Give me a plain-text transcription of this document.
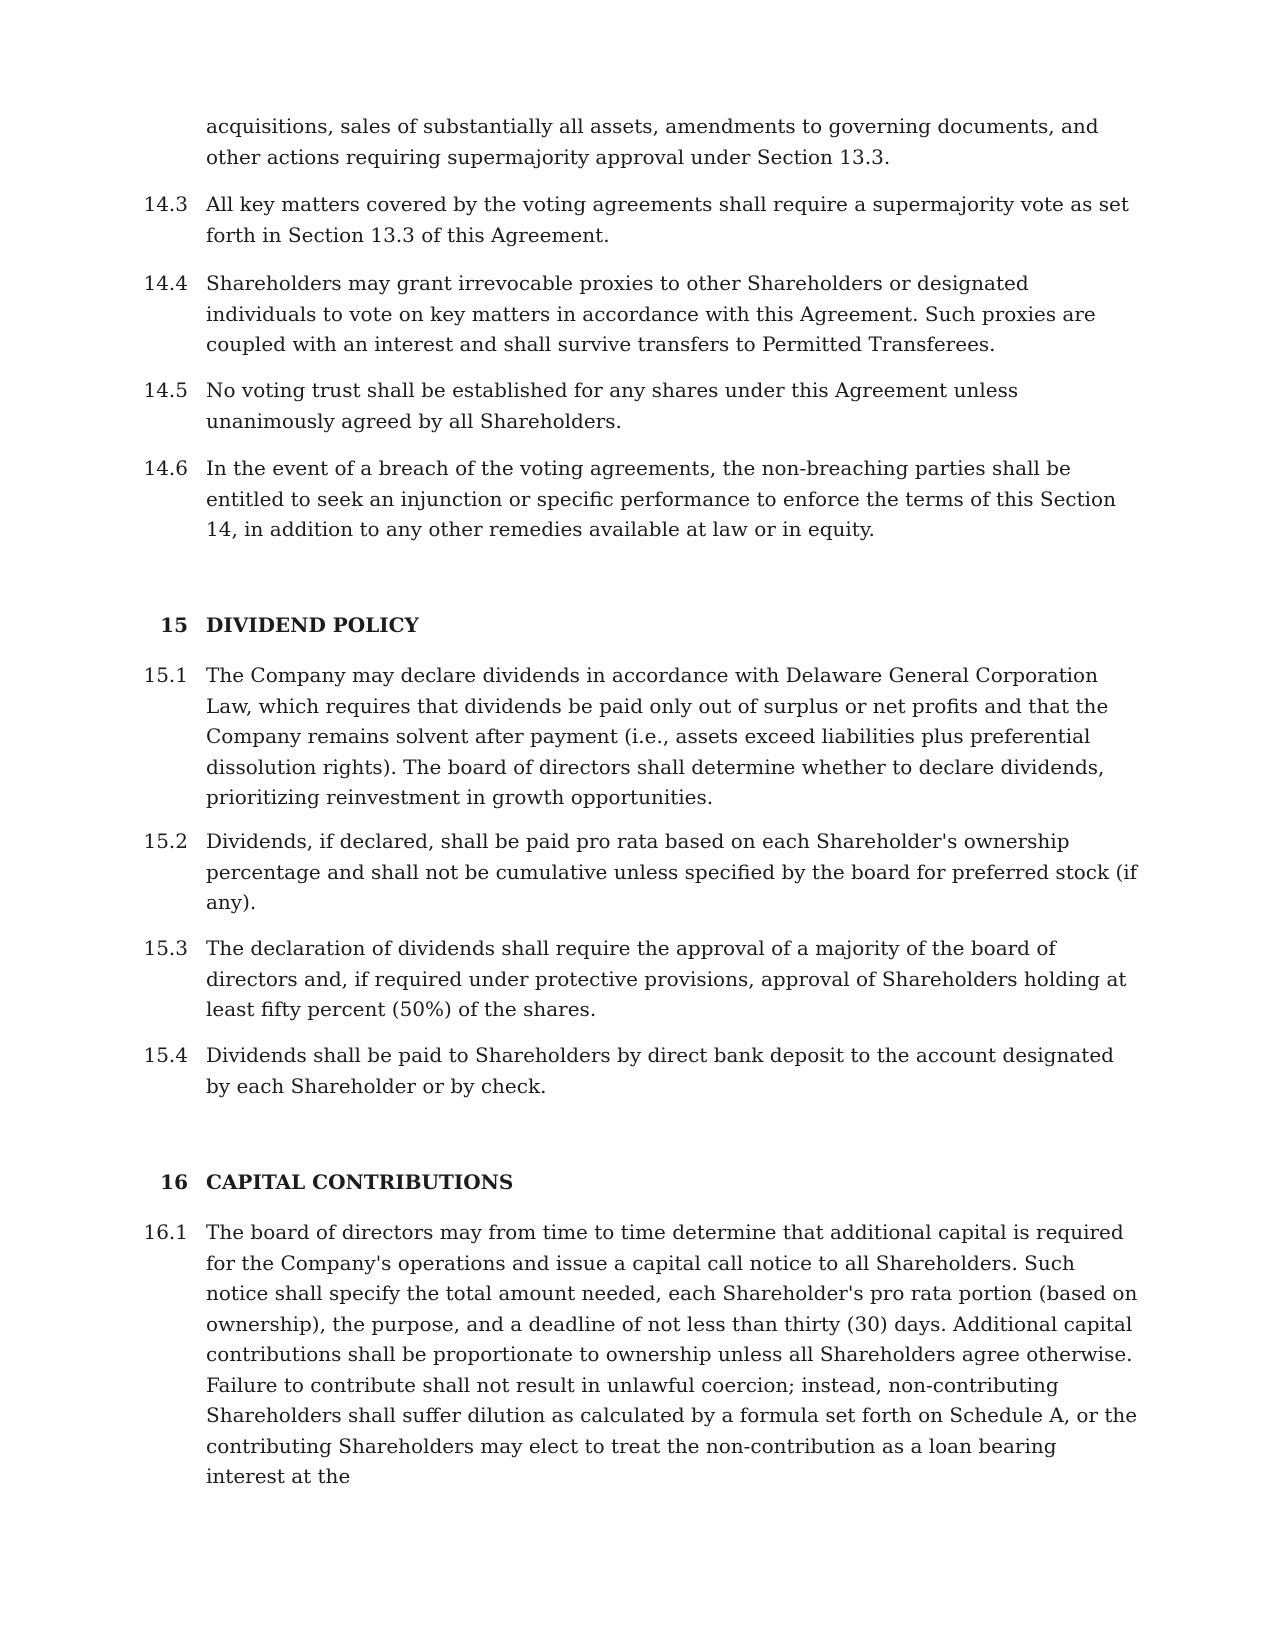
acquisitions, sales of substantially all assets, amendments to governing documents, and other actions requiring supermajority approval under Section 13.3.
14.3 All key matters covered by the voting agreements shall require a supermajority vote as set forth in Section 13.3 of this Agreement.
14.4 Shareholders may grant irrevocable proxies to other Shareholders or designated individuals to vote on key matters in accordance with this Agreement. Such proxies are coupled with an interest and shall survive transfers to Permitted Transferees.
14.5 No voting trust shall be established for any shares under this Agreement unless unanimously agreed by all Shareholders.
14.6 In the event of a breach of the voting agreements, the non-breaching parties shall be entitled to seek an injunction or specific performance to enforce the terms of this Section 14, in addition to any other remedies available at law or in equity.
15 DIVIDEND POLICY
15.1 The Company may declare dividends in accordance with Delaware General Corporation Law, which requires that dividends be paid only out of surplus or net profits and that the Company remains solvent after payment (i.e., assets exceed liabilities plus preferential dissolution rights). The board of directors shall determine whether to declare dividends, prioritizing reinvestment in growth opportunities.
15.2 Dividends, if declared, shall be paid pro rata based on each Shareholder's ownership percentage and shall not be cumulative unless specified by the board for preferred stock (if any).
15.3 The declaration of dividends shall require the approval of a majority of the board of directors and, if required under protective provisions, approval of Shareholders holding at least fifty percent (50%) of the shares.
15.4 Dividends shall be paid to Shareholders by direct bank deposit to the account designated by each Shareholder or by check.
16 CAPITAL CONTRIBUTIONS
16.1 The board of directors may from time to time determine that additional capital is required for the Company's operations and issue a capital call notice to all Shareholders. Such notice shall specify the total amount needed, each Shareholder's pro rata portion (based on ownership), the purpose, and a deadline of not less than thirty (30) days. Additional capital contributions shall be proportionate to ownership unless all Shareholders agree otherwise. Failure to contribute shall not result in unlawful coercion; instead, non-contributing Shareholders shall suffer dilution as calculated by a formula set forth on Schedule A, or the contributing Shareholders may elect to treat the non-contribution as a loan bearing interest at the
